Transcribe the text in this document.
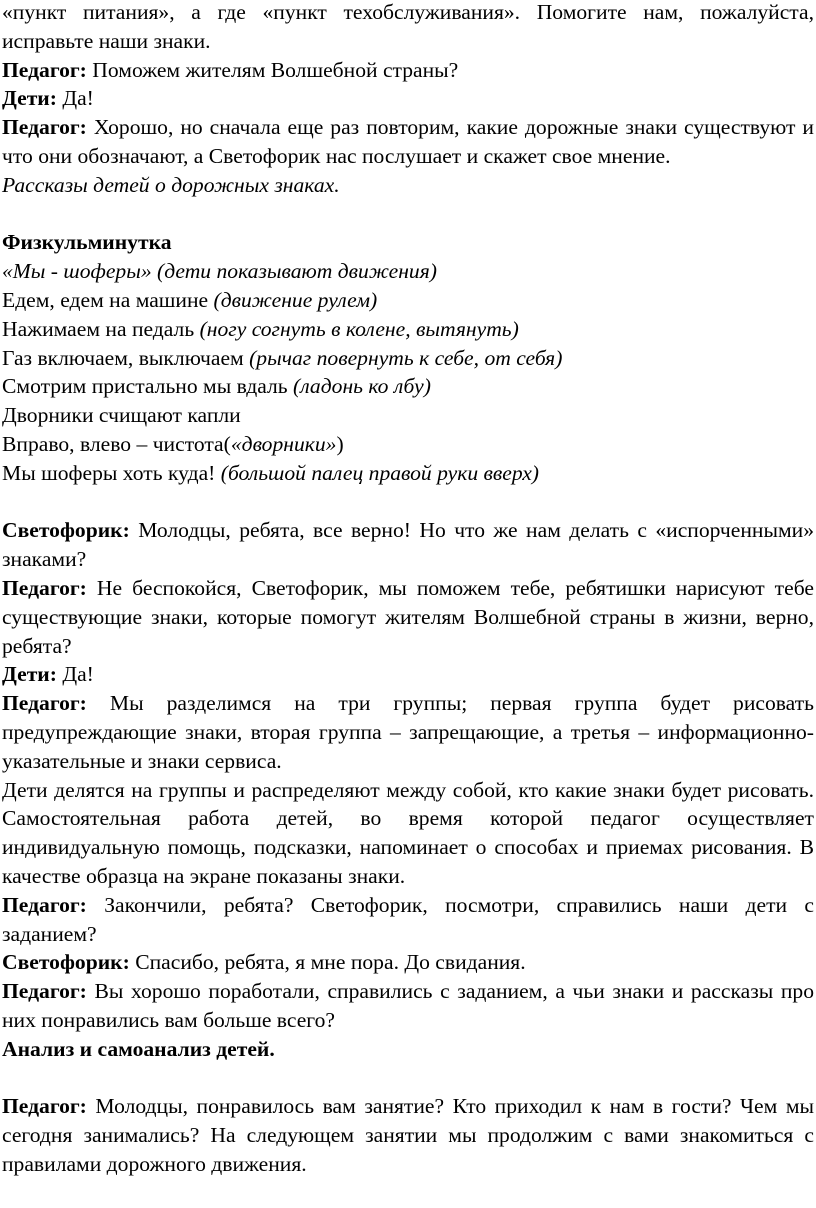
«пункт питания», а где «пункт техобслуживания». Помогите нам, пожалуйста, исправьте наши знаки.

Педагог: Поможем жителям Волшебной страны?

Дети: Да!

Педагог: Хорошо, но сначала еще раз повторим, какие дорожные знаки существуют и что они обозначают, а Светофорик нас послушает и скажет свое мнение.

Рассказы детей о дорожных знаках.

Физкульминутка

«Мы - шоферы» (дети показывают движения)

Едем, едем на машине (движение рулем)

Нажимаем на педаль (ногу согнуть в колене, вытянуть)

Газ включаем, выключаем (рычаг повернуть к себе, от себя)

Смотрим пристально мы вдаль (ладонь ко лбу)

Дворники счищают капли

Вправо, влево – чистота(«дворники»)

Мы шоферы хоть куда! (большой палец правой руки вверх)

Светофорик: Молодцы, ребята, все верно! Но что же нам делать с «испорченными» знаками?

Педагог: Не беспокойся, Светофорик, мы поможем тебе, ребятишки нарисуют тебе существующие знаки, которые помогут жителям Волшебной страны в жизни, верно, ребята?

Дети: Да!

Педагог: Мы разделимся на три группы; первая группа будет рисовать предупреждающие знаки, вторая группа – запрещающие, а третья – информационно-указательные и знаки сервиса.

Дети делятся на группы и распределяют между собой, кто какие знаки будет рисовать. Самостоятельная работа детей, во время которой педагог осуществляет индивидуальную помощь, подсказки, напоминает о способах и приемах рисования. В качестве образца на экране показаны знаки.

Педагог: Закончили, ребята? Светофорик, посмотри, справились наши дети с заданием?

Светофорик: Спасибо, ребята, я мне пора. До свидания.

Педагог: Вы хорошо поработали, справились с заданием, а чьи знаки и рассказы про них понравились вам больше всего?

Анализ и самоанализ детей.

Педагог: Молодцы, понравилось вам занятие? Кто приходил к нам в гости? Чем мы сегодня занимались? На следующем занятии мы продолжим с вами знакомиться с правилами дорожного движения.
